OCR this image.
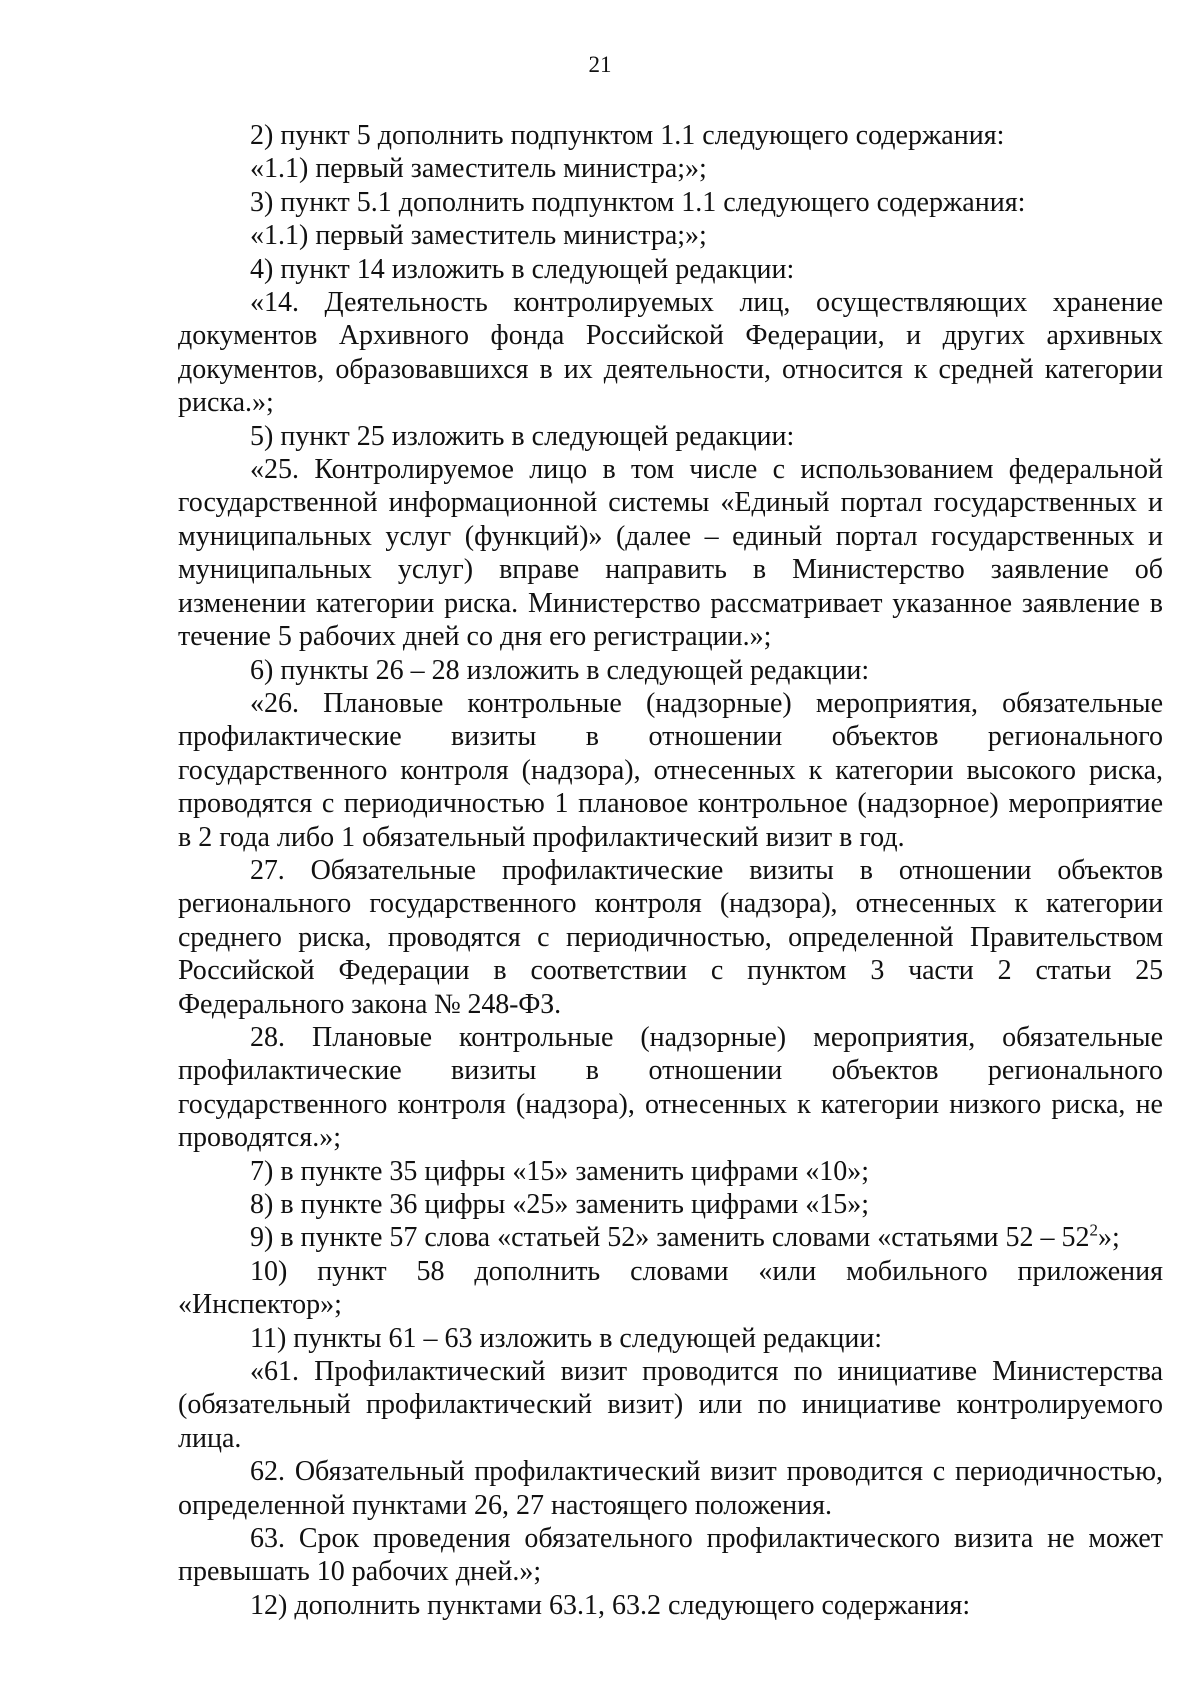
21

2) пункт 5 дополнить подпунктом 1.1 следующего содержания:

«1.1) первый заместитель министра;»;

3) пункт 5.1 дополнить подпунктом 1.1 следующего содержания:

«1.1) первый заместитель министра;»;

4) пункт 14 изложить в следующей редакции:

«14. Деятельность контролируемых лиц, осуществляющих хранение документов Архивного фонда Российской Федерации, и других архивных документов, образовавшихся в их деятельности, относится к средней категории риска.»;

5) пункт 25 изложить в следующей редакции:

«25. Контролируемое лицо в том числе с использованием федеральной государственной информационной системы «Единый портал государственных и муниципальных услуг (функций)» (далее – единый портал государственных и муниципальных услуг) вправе направить в Министерство заявление об изменении категории риска. Министерство рассматривает указанное заявление в течение 5 рабочих дней со дня его регистрации.»;

6) пункты 26 – 28 изложить в следующей редакции:

«26. Плановые контрольные (надзорные) мероприятия, обязательные профилактические визиты в отношении объектов регионального государственного контроля (надзора), отнесенных к категории высокого риска, проводятся с периодичностью 1 плановое контрольное (надзорное) мероприятие в 2 года либо 1 обязательный профилактический визит в год.

27. Обязательные профилактические визиты в отношении объектов регионального государственного контроля (надзора), отнесенных к категории среднего риска, проводятся с периодичностью, определенной Правительством Российской Федерации в соответствии с пунктом 3 части 2 статьи 25 Федерального закона № 248-ФЗ.

28. Плановые контрольные (надзорные) мероприятия, обязательные профилактические визиты в отношении объектов регионального государственного контроля (надзора), отнесенных к категории низкого риска, не проводятся.»;

7) в пункте 35 цифры «15» заменить цифрами «10»;

8) в пункте 36 цифры «25» заменить цифрами «15»;

9) в пункте 57 слова «статьей 52» заменить словами «статьями $52 - 52^2$»;

10) пункт 58 дополнить словами «или мобильного приложения «Инспектор»;

11) пункты 61 – 63 изложить в следующей редакции:

«61. Профилактический визит проводится по инициативе Министерства (обязательный профилактический визит) или по инициативе контролируемого лица.

62. Обязательный профилактический визит проводится с периодичностью, определенной пунктами 26, 27 настоящего положения.

63. Срок проведения обязательного профилактического визита не может превышать 10 рабочих дней.»;

12) дополнить пунктами 63.1, 63.2 следующего содержания:
